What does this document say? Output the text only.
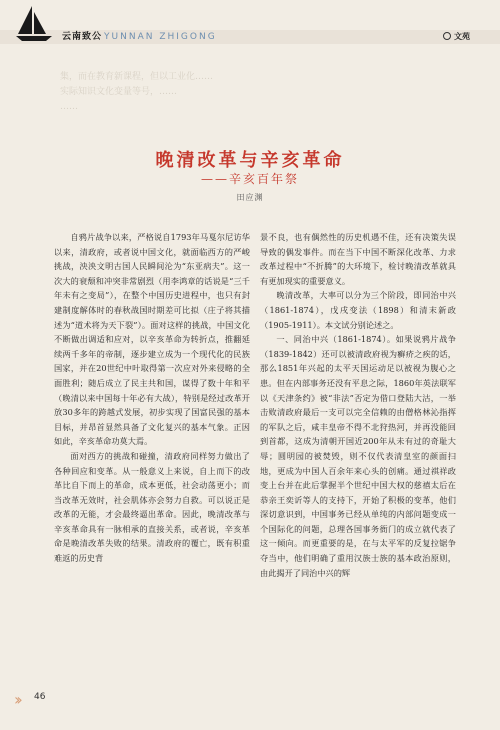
云南致公 YUNNAN ZHIGONG	文苑
集，而在教育新课程，但以工业化……
实际知识文化变量等号，……
……
晚清改革与辛亥革命
——辛亥百年祭
田应渊

自鸦片战争以来，严格说自1793年马戛尔尼访华以来，清政府，或者说中国文化，就面临西方的严峻挑战，泱泱文明古国人民瞬间沦为“东亚病夫”。这一次大的衰颓和冲突非常剧烈（用李鸿章的话说是“三千年未有之变局”），在整个中国历史进程中，也只有封建制度解体时的春秋战国时期差可比拟（庄子将其描述为“道术将为天下裂”）。面对这样的挑战，中国文化不断做出调适和应对，以辛亥革命为转折点，推翻延续两千多年的帝制，逐步建立成为一个现代化的民族国家，并在20世纪中叶取得第一次应对外来侵略的全面胜利；随后成立了民主共和国，谋得了数十年和平（晚清以来中国每十年必有大战），特别是经过改革开放30多年的跨越式发展，初步实现了国富民强的基本目标，并昂首显然具备了文化复兴的基本气象。正因如此，辛亥革命功莫大焉。

面对西方的挑战和碰撞，清政府同样努力做出了各种回应和变革。从一般意义上来说，自上而下的改革比自下而上的革命，成本更低，社会动荡更小；而当改革无效时，社会肌体亦会努力自救。可以说正是改革的无能，才会最终逼出革命。因此，晚清改革与辛亥革命具有一脉相承的直接关系，或者说，辛亥革命是晚清改革失败的结果。清政府的覆亡，既有积重难返的历史背

景不良，也有偶然性的历史机遇不佳，还有决策失误导致的偶发事件。而在当下中国不断深化改革、力求改革过程中“不折腾”的大环境下，检讨晚清改革就具有更加现实的重要意义。

晚清改革，大率可以分为三个阶段，即同治中兴（1861-1874），戊戌变法（1898）和清末新政（1905-1911）。本文试分别论述之。

一、同治中兴（1861-1874）。如果说鸦片战争（1839-1842）还可以被清政府视为癣疥之疾的话，那么1851年兴起的太平天国运动足以被视为腹心之患。但在内部事务还没有平息之际，1860年英法联军以《天津条约》被“非法”否定为借口登陆大沽，一举击败清政府最后一支可以完全信赖的由僧格林沁指挥的军队之后，咸丰皇帝不得不北狩热河，并再没能回到首都，这成为清朝开国近200年从未有过的奇耻大辱；圆明园的被焚毁，则不仅代表清皇室的颜面扫地，更成为中国人百余年来心头的创痛。通过祺祥政变上台并在此后掌握半个世纪中国大权的慈禧太后在恭亲王奕䜣等人的支持下，开始了积极的变革，他们深切意识到，中国事务已经从单纯的内部问题变成一个国际化的问题，总理各国事务衙门的成立就代表了这一倾向。而更重要的是，在与太平军的反复拉锯争夺当中，他们明确了重用汉族士族的基本政治原则，由此揭开了同治中兴的辉

›› 46
